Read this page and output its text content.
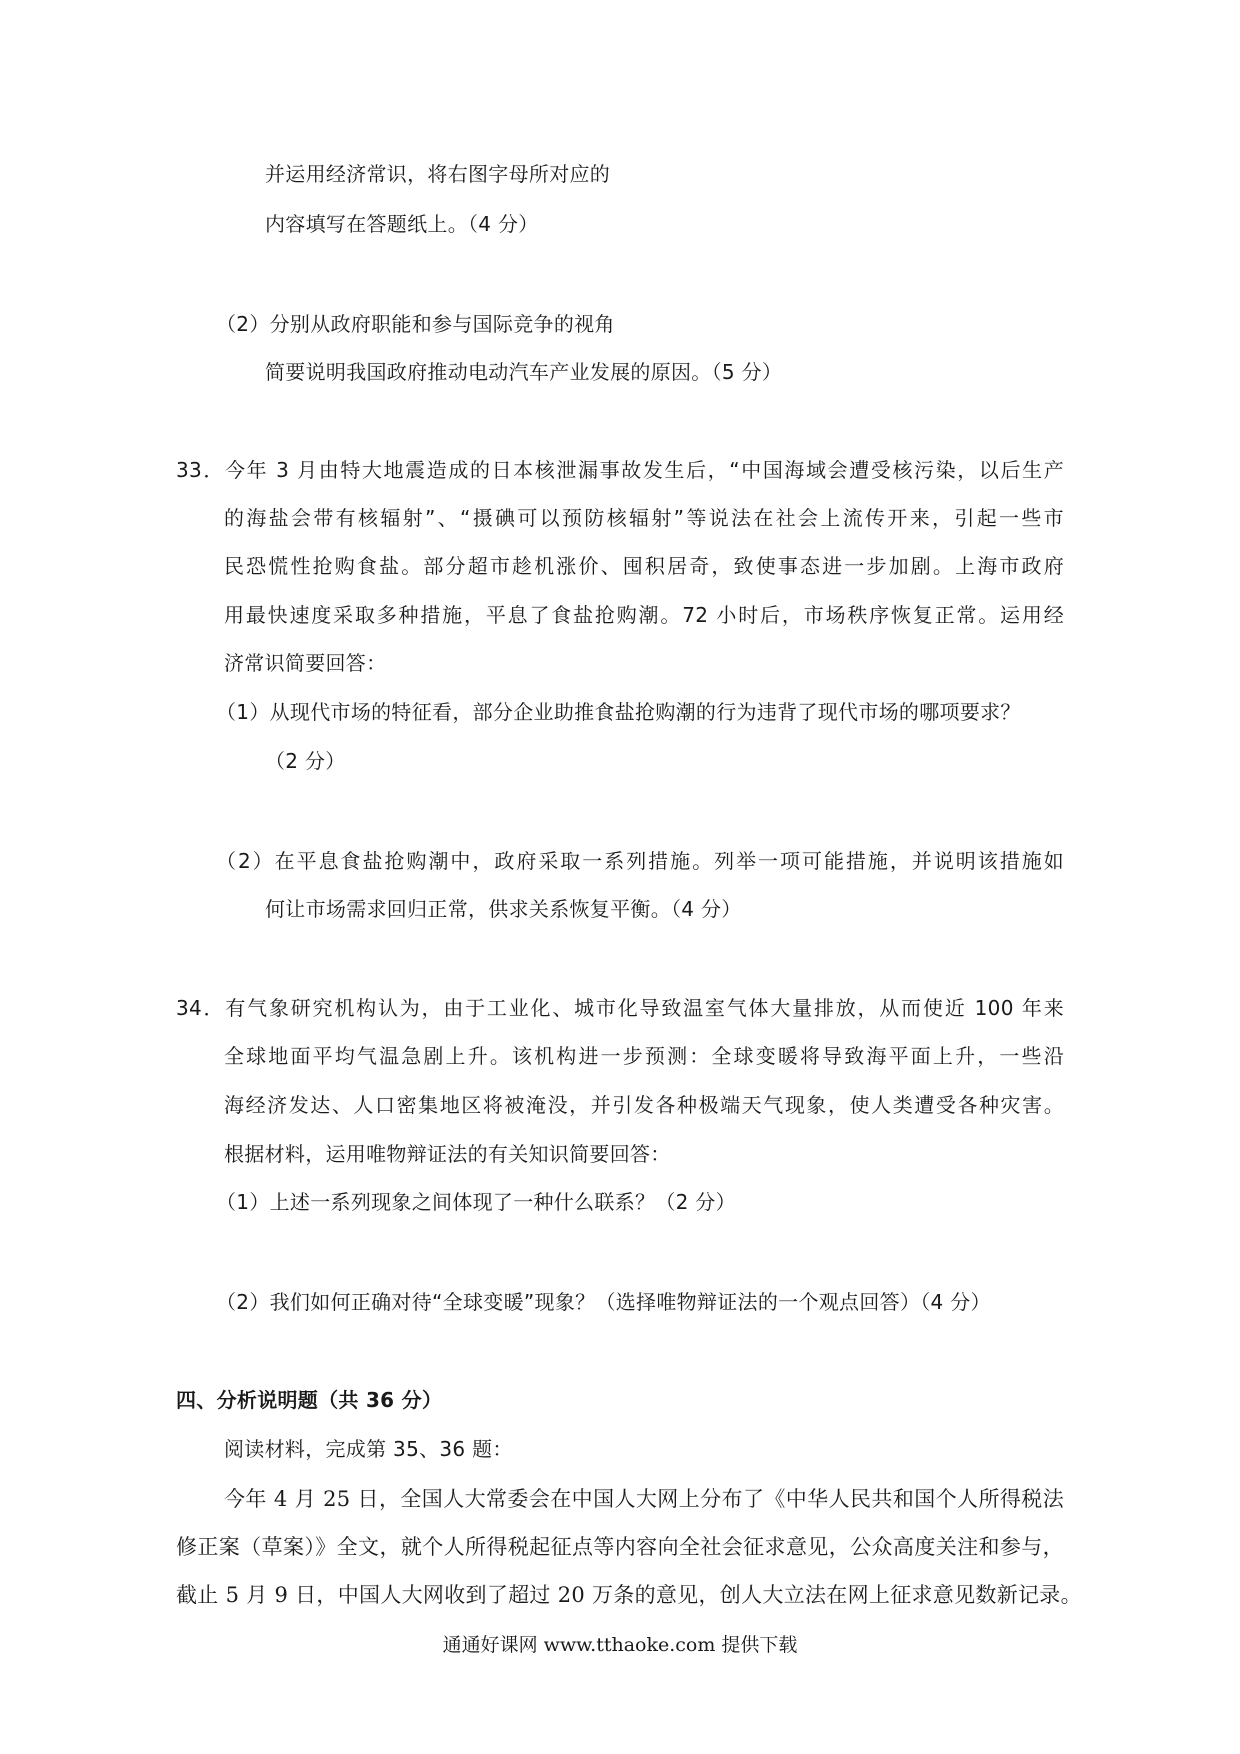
并运用经济常识，将右图字母所对应的
内容填写在答题纸上。（4 分）
（2）分别从政府职能和参与国际竞争的视角
简要说明我国政府推动电动汽车产业发展的原因。（5 分）
33．今年 3 月由特大地震造成的日本核泄漏事故发生后，“中国海域会遭受核污染，以后生产
的海盐会带有核辐射”、“摄碘可以预防核辐射”等说法在社会上流传开来，引起一些市
民恐慌性抢购食盐。部分超市趁机涨价、囤积居奇，致使事态进一步加剧。上海市政府
用最快速度采取多种措施，平息了食盐抢购潮。72 小时后，市场秩序恢复正常。运用经
济常识简要回答：
（1）从现代市场的特征看，部分企业助推食盐抢购潮的行为违背了现代市场的哪项要求？
（2 分）
（2）在平息食盐抢购潮中，政府采取一系列措施。列举一项可能措施，并说明该措施如
何让市场需求回归正常，供求关系恢复平衡。（4 分）
34．有气象研究机构认为，由于工业化、城市化导致温室气体大量排放，从而使近 100 年来
全球地面平均气温急剧上升。该机构进一步预测：全球变暖将导致海平面上升，一些沿
海经济发达、人口密集地区将被淹没，并引发各种极端天气现象，使人类遭受各种灾害。
根据材料，运用唯物辩证法的有关知识简要回答：
（1）上述一系列现象之间体现了一种什么联系？（2 分）
（2）我们如何正确对待“全球变暖”现象？（选择唯物辩证法的一个观点回答）（4 分）
四、分析说明题（共 36 分）
阅读材料，完成第 35、36 题：
今年 4 月 25 日，全国人大常委会在中国人大网上分布了《中华人民共和国个人所得税法
修正案（草案）》全文，就个人所得税起征点等内容向全社会征求意见，公众高度关注和参与，
截止 5 月 9 日，中国人大网收到了超过 20 万条的意见，创人大立法在网上征求意见数新记录。
通通好课网 www.tthaoke.com 提供下载
